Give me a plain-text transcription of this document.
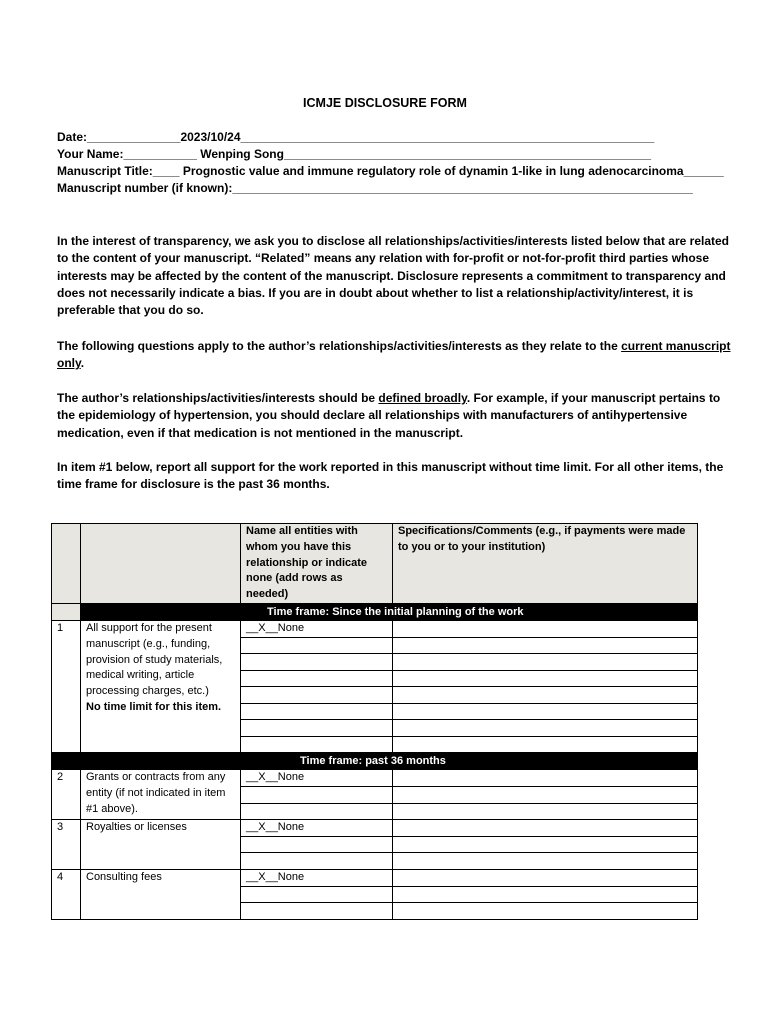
ICMJE DISCLOSURE FORM
Date:______________2023/10/24______________________________________________________________
Your Name:___________ Wenping Song_______________________________________________________
Manuscript Title:____ Prognostic value and immune regulatory role of dynamin 1-like in lung adenocarcinoma______
Manuscript number (if known):_____________________________________________________________________

In the interest of transparency, we ask you to disclose all relationships/activities/interests listed below that are related to the content of your manuscript. “Related” means any relation with for-profit or not-for-profit third parties whose interests may be affected by the content of the manuscript. Disclosure represents a commitment to transparency and does not necessarily indicate a bias. If you are in doubt about whether to list a relationship/activity/interest, it is preferable that you do so.

The following questions apply to the author’s relationships/activities/interests as they relate to the current manuscript only.

The author’s relationships/activities/interests should be defined broadly. For example, if your manuscript pertains to the epidemiology of hypertension, you should declare all relationships with manufacturers of antihypertensive medication, even if that medication is not mentioned in the manuscript.

In item #1 below, report all support for the work reported in this manuscript without time limit. For all other items, the time frame for disclosure is the past 36 months.

		Name all entities with whom you have this relationship or indicate none (add rows as needed)	Specifications/Comments (e.g., if payments were made to you or to your institution)
	Time frame: Since the initial planning of the work		
1	All support for the present manuscript (e.g., funding, provision of study materials, medical writing, article processing charges, etc.)
No time limit for this item.	__X__None	

Time frame: past 36 months			
2	Grants or contracts from any entity (if not indicated in item #1 above).	__X__None	

3	Royalties or licenses	__X__None	

4	Consulting fees	__X__None	
